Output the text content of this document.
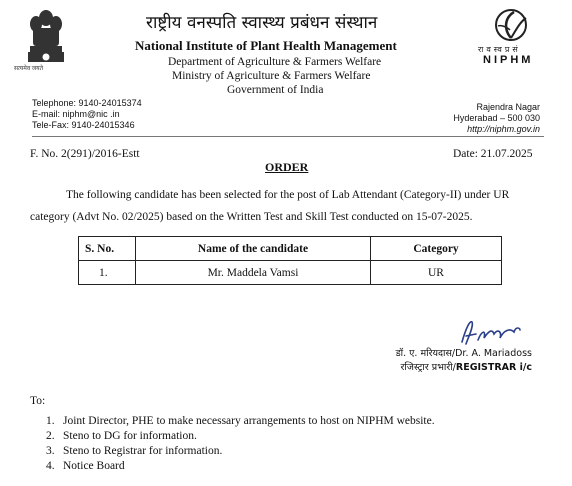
सत्यमेव जयते
रा व स्व प्र सं
NIPHM
राष्ट्रीय वनस्पति स्वास्थ्य प्रबंधन संस्थान
National Institute of Plant Health Management
Department of Agriculture & Farmers Welfare
Ministry of Agriculture & Farmers Welfare
Government of India
Telephone: 9140-24015374
E-mail: niphm@nic .in
Tele-Fax: 9140-24015346
Rajendra Nagar
Hyderabad – 500 030
http://niphm.gov.in
F. No. 2(291)/2016-Estt	Date: 21.07.2025
ORDER
The following candidate has been selected for the post of Lab Attendant (Category-II) under UR category (Advt No. 02/2025) based on the Written Test and Skill Test conducted on 15-07-2025.
S. No.	Name of the candidate	Category
1.	Mr. Maddela Vamsi	UR
डॉ. ए. मरियदास/Dr. A. Mariadoss
रजिस्ट्रार प्रभारी/REGISTRAR i/c
To:
1. Joint Director, PHE to make necessary arrangements to host on NIPHM website.
2. Steno to DG for information.
3. Steno to Registrar for information.
4. Notice Board
